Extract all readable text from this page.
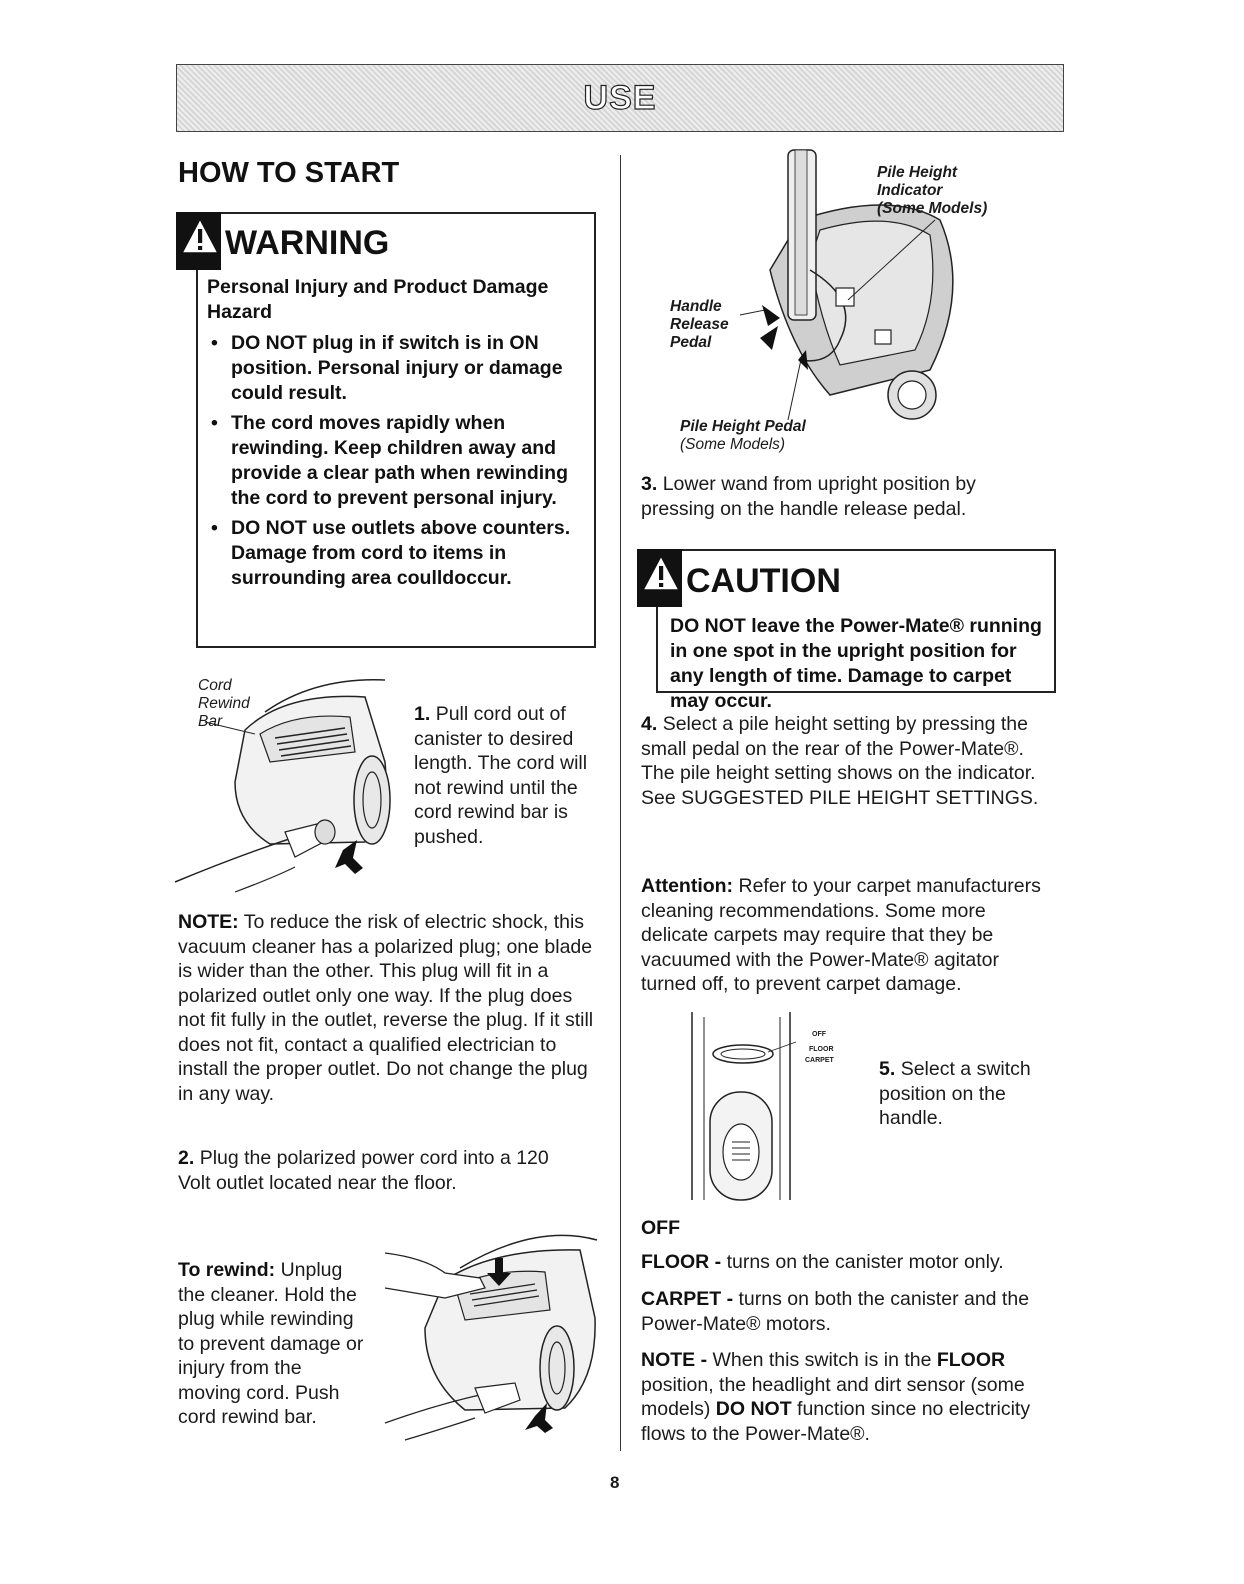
USE
HOW TO START
WARNING
Personal Injury and Product Damage Hazard
• DO NOT plug in if switch is in ON position. Personal injury or damage could result.
• The cord moves rapidly when rewinding. Keep children away and provide a clear path when rewinding the cord to prevent personal injury.
• DO NOT use outlets above counters. Damage from cord to items in surrounding area coulldoccur.
Cord
Rewind
Bar	1. Pull cord out of canister to desired length. The cord will not rewind until the cord rewind bar is pushed.
NOTE: To reduce the risk of electric shock, this vacuum cleaner has a polarized plug; one blade is wider than the other. This plug will fit in a polarized outlet only one way. If the plug does not fit fully in the outlet, reverse the plug. If it still does not fit, contact a qualified electrician to install the proper outlet. Do not change the plug in any way.
2. Plug the polarized power cord into a 120 Volt outlet located near the floor.
To rewind: Unplug the cleaner. Hold the plug while rewinding to prevent damage or injury from the moving cord. Push cord rewind bar.
Pile Height
Indicator
(Some Models)
Handle
Release
Pedal
Pile Height Pedal
(Some Models)
3. Lower wand from upright position by pressing on the handle release pedal.
CAUTION
DO NOT leave the Power-Mate® running in one spot in the upright position for any length of time. Damage to carpet may occur.
4. Select a pile height setting by pressing the small pedal on the rear of the Power-Mate®. The pile height setting shows on the indicator. See SUGGESTED PILE HEIGHT SETTINGS.
Attention: Refer to your carpet manufacturers cleaning recommendations. Some more delicate carpets may require that they be vacuumed with the Power-Mate® agitator turned off, to prevent carpet damage.
OFF
FLOOR
CARPET 5. Select a switch position on the handle.
OFF
FLOOR - turns on the canister motor only.
CARPET - turns on both the canister and the Power-Mate® motors.
NOTE - When this switch is in the FLOOR position, the headlight and dirt sensor (some models) DO NOT function since no electricity flows to the Power-Mate®.
8
